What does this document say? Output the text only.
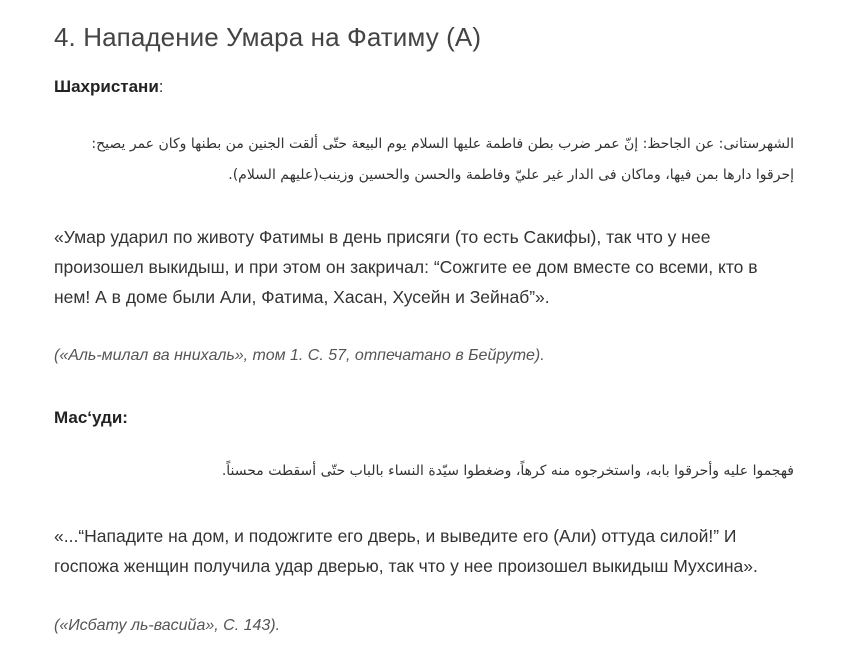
4. Нападение Умара на Фатиму (А)

Шахристани:

الشهرستانی: عن الجاحظ: إنّ عمر ضرب بطن فاطمة عليها السلام يوم البيعة حتّى ألقت الجنين من بطنها وكان عمر يصيح: إحرقوا دارها بمن فيها، وماكان فى الدار غير عليّ وفاطمة والحسن والحسين وزينب(عليهم السلام).

«Умар ударил по животу Фатимы в день присяги (то есть Сакифы), так что у нее произошел выкидыш, и при этом он закричал: “Сожгите ее дом вместе со всеми, кто в нем! А в доме были Али, Фатима, Хасан, Хусейн и Зейнаб”».

(«Аль-милал ва нниxаль», том 1. С. 57, отпечатано в Бейруте).

Мас‘уди:

فهجموا عليه وأحرقوا بابه، واستخرجوه منه كرهاً، وضغطوا سيّدة النساء بالباب حتّى أسقطت محسناً.

«...“Нападите на дом, и подожгите его дверь, и выведите его (Али) оттуда силой!” И госпожа женщин получила удар дверью, так что у нее произошел выкидыш Мухсина».

(«Исбату ль-васийа», С. 143).
